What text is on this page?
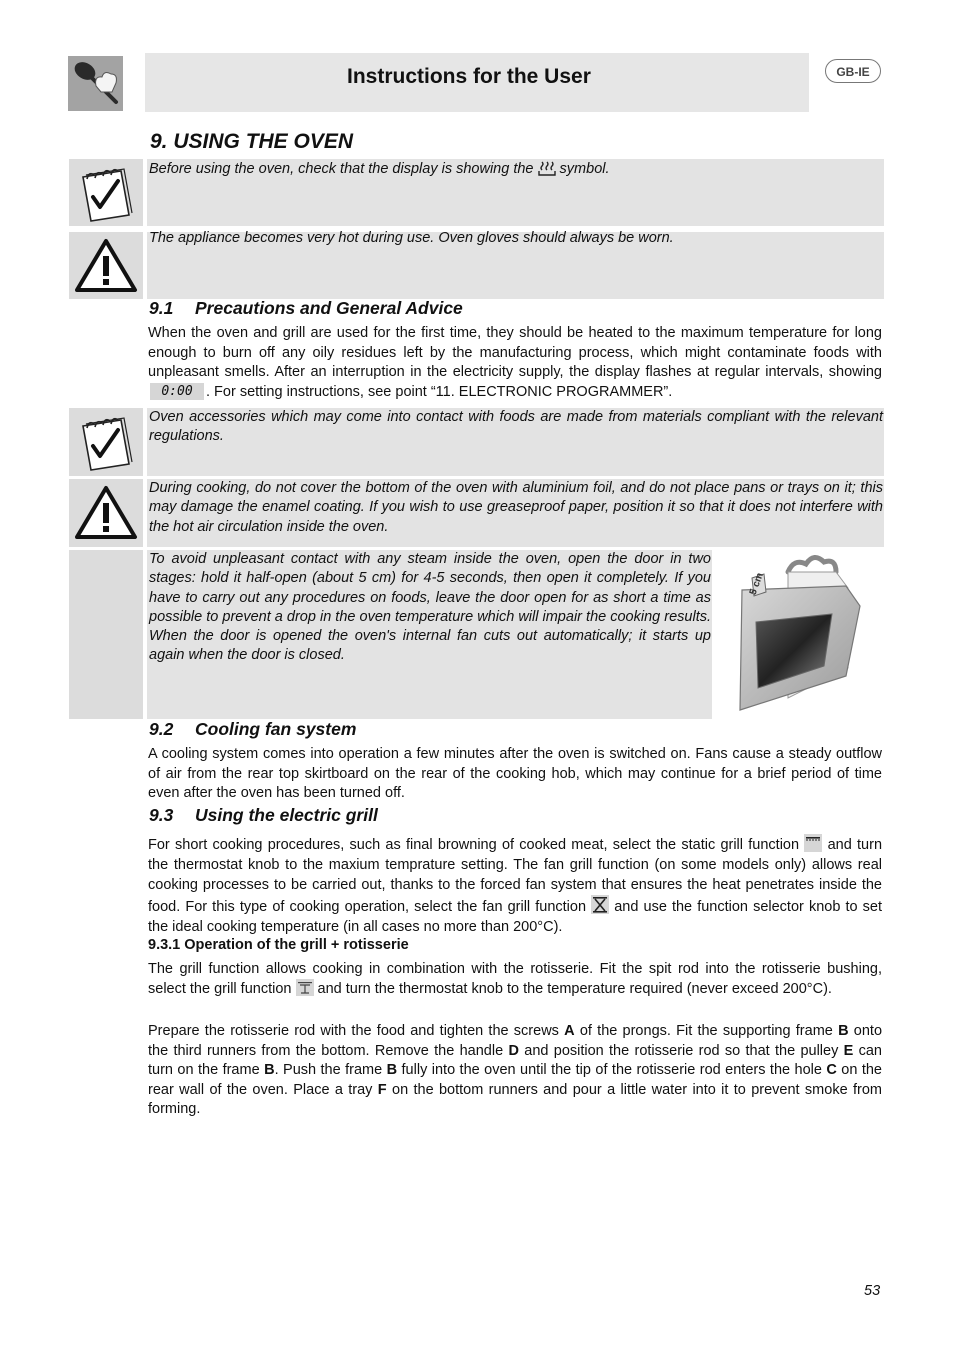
Instructions for the User	GB-IE
9. USING THE OVEN
Before using the oven, check that the display is showing the symbol.
The appliance becomes very hot during use. Oven gloves should always be worn.
9.1 Precautions and General Advice

When the oven and grill are used for the first time, they should be heated to the maximum temperature for long enough to burn off any oily residues left by the manufacturing process, which might contaminate foods with unpleasant smells. After an interruption in the electricity supply, the display flashes at regular intervals, showing 0:00 . For setting instructions, see point “11. ELECTRONIC PROGRAMMER”.

Oven accessories which may come into contact with foods are made from materials compliant with the relevant regulations.
During cooking, do not cover the bottom of the oven with aluminium foil, and do not place pans or trays on it; this may damage the enamel coating. If you wish to use greaseproof paper, position it so that it does not interfere with the hot air circulation inside the oven.
To avoid unpleasant contact with any steam inside the oven, open the door in two stages: hold it half-open (about 5 cm) for 4-5 seconds, then open it completely. If you have to carry out any procedures on foods, leave the door open for as short a time as possible to prevent a drop in the oven temperature which will impair the cooking results. When the door is opened the oven's internal fan cuts out automatically; it starts up again when the door is closed.
5 cm
9.2 Cooling fan system

A cooling system comes into operation a few minutes after the oven is switched on. Fans cause a steady outflow of air from the rear top skirtboard on the rear of the cooking hob, which may continue for a brief period of time even after the oven has been turned off.

9.3 Using the electric grill

For short cooking procedures, such as final browning of cooked meat, select the static grill function and turn the thermostat knob to the maxium temprature setting. The fan grill function (on some models only) allows real cooking processes to be carried out, thanks to the forced fan system that ensures the heat penetrates inside the food. For this type of cooking operation, select the fan grill function and use the function selector knob to set the ideal cooking temperature (in all cases no more than 200°C).

9.3.1 Operation of the grill + rotisserie

The grill function allows cooking in combination with the rotisserie. Fit the spit rod into the rotisserie bushing, select the grill function and turn the thermostat knob to the temperature required (never exceed 200°C).

Prepare the rotisserie rod with the food and tighten the screws A of the prongs. Fit the supporting frame B onto the third runners from the bottom. Remove the handle D and position the rotisserie rod so that the pulley E can turn on the frame B. Push the frame B fully into the oven until the tip of the rotisserie rod enters the hole C on the rear wall of the oven. Place a tray F on the bottom runners and pour a little water into it to prevent smoke from forming.

53
